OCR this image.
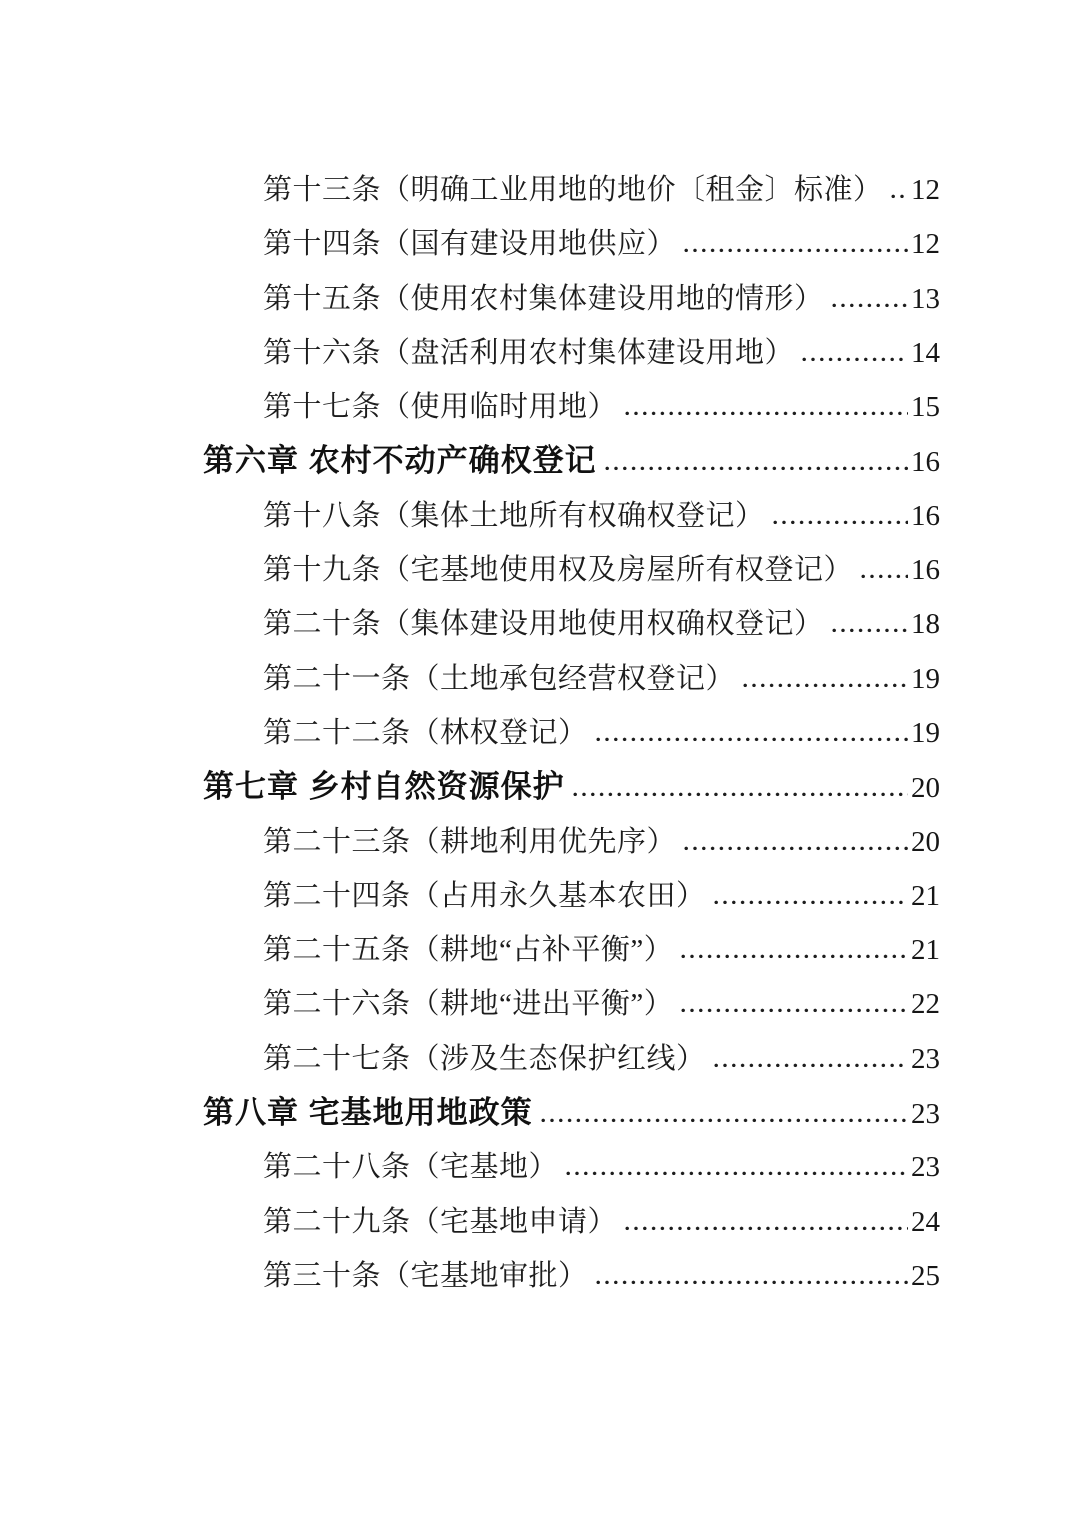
第十三条（明确工业用地的地价〔租金〕标准） 12
第十四条（国有建设用地供应）	12
第十五条（使用农村集体建设用地的情形）	13
第十六条（盘活利用农村集体建设用地）	14
第十七条（使用临时用地）	15
第六章 农村不动产确权登记	16
第十八条（集体土地所有权确权登记）	16
第十九条（宅基地使用权及房屋所有权登记） 16
第二十条（集体建设用地使用权确权登记）	18
第二十一条（土地承包经营权登记）	19
第二十二条（林权登记）	19
第七章 乡村自然资源保护	20
第二十三条（耕地利用优先序）	20
第二十四条（占用永久基本农田）	21
第二十五条（耕地“占补平衡”）	21
第二十六条（耕地“进出平衡”）	22
第二十七条（涉及生态保护红线）	23
第八章 宅基地用地政策	23
第二十八条（宅基地）	23
第二十九条（宅基地申请）	24
第三十条（宅基地审批）	25
